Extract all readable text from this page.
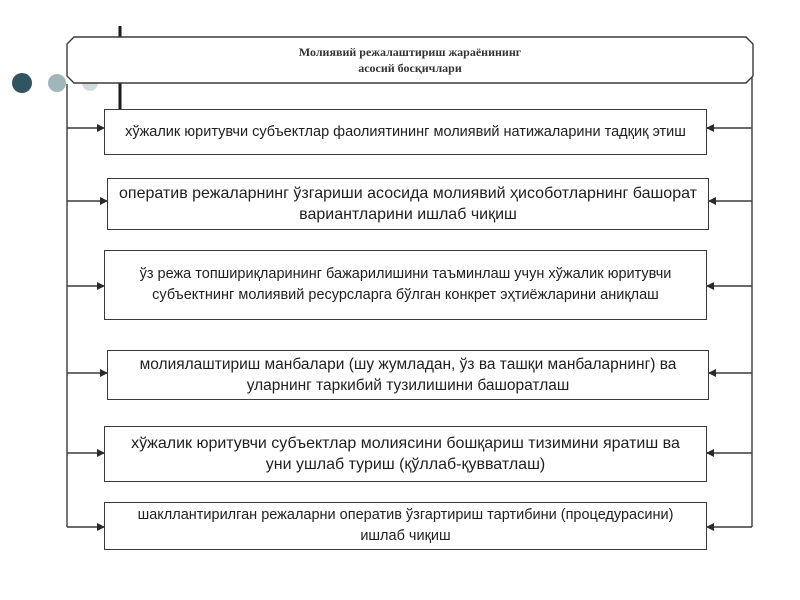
Молиявий режалаштириш жараёнининг
асосий босқичлари
хўжалик юритувчи субъектлар фаолиятининг молиявий натижаларини тадқиқ этиш
оператив режаларнинг ўзгариши асосида молиявий ҳисоботларнинг башорат
вариантларини ишлаб чиқиш
ўз режа топшириқларининг бажарилишини таъминлаш учун хўжалик юритувчи
субъектнинг молиявий ресурсларга бўлган конкрет эҳтиёжларини аниқлаш
молиялаштириш манбалари (шу жумладан, ўз ва ташқи манбаларнинг) ва
уларнинг таркибий тузилишини башоратлаш
хўжалик юритувчи субъектлар молиясини бошқариш тизимини яратиш ва
уни ушлаб туриш (қўллаб-қувватлаш)
шакллантирилган режаларни оператив ўзгартириш тартибини (процедурасини)
ишлаб чиқиш
